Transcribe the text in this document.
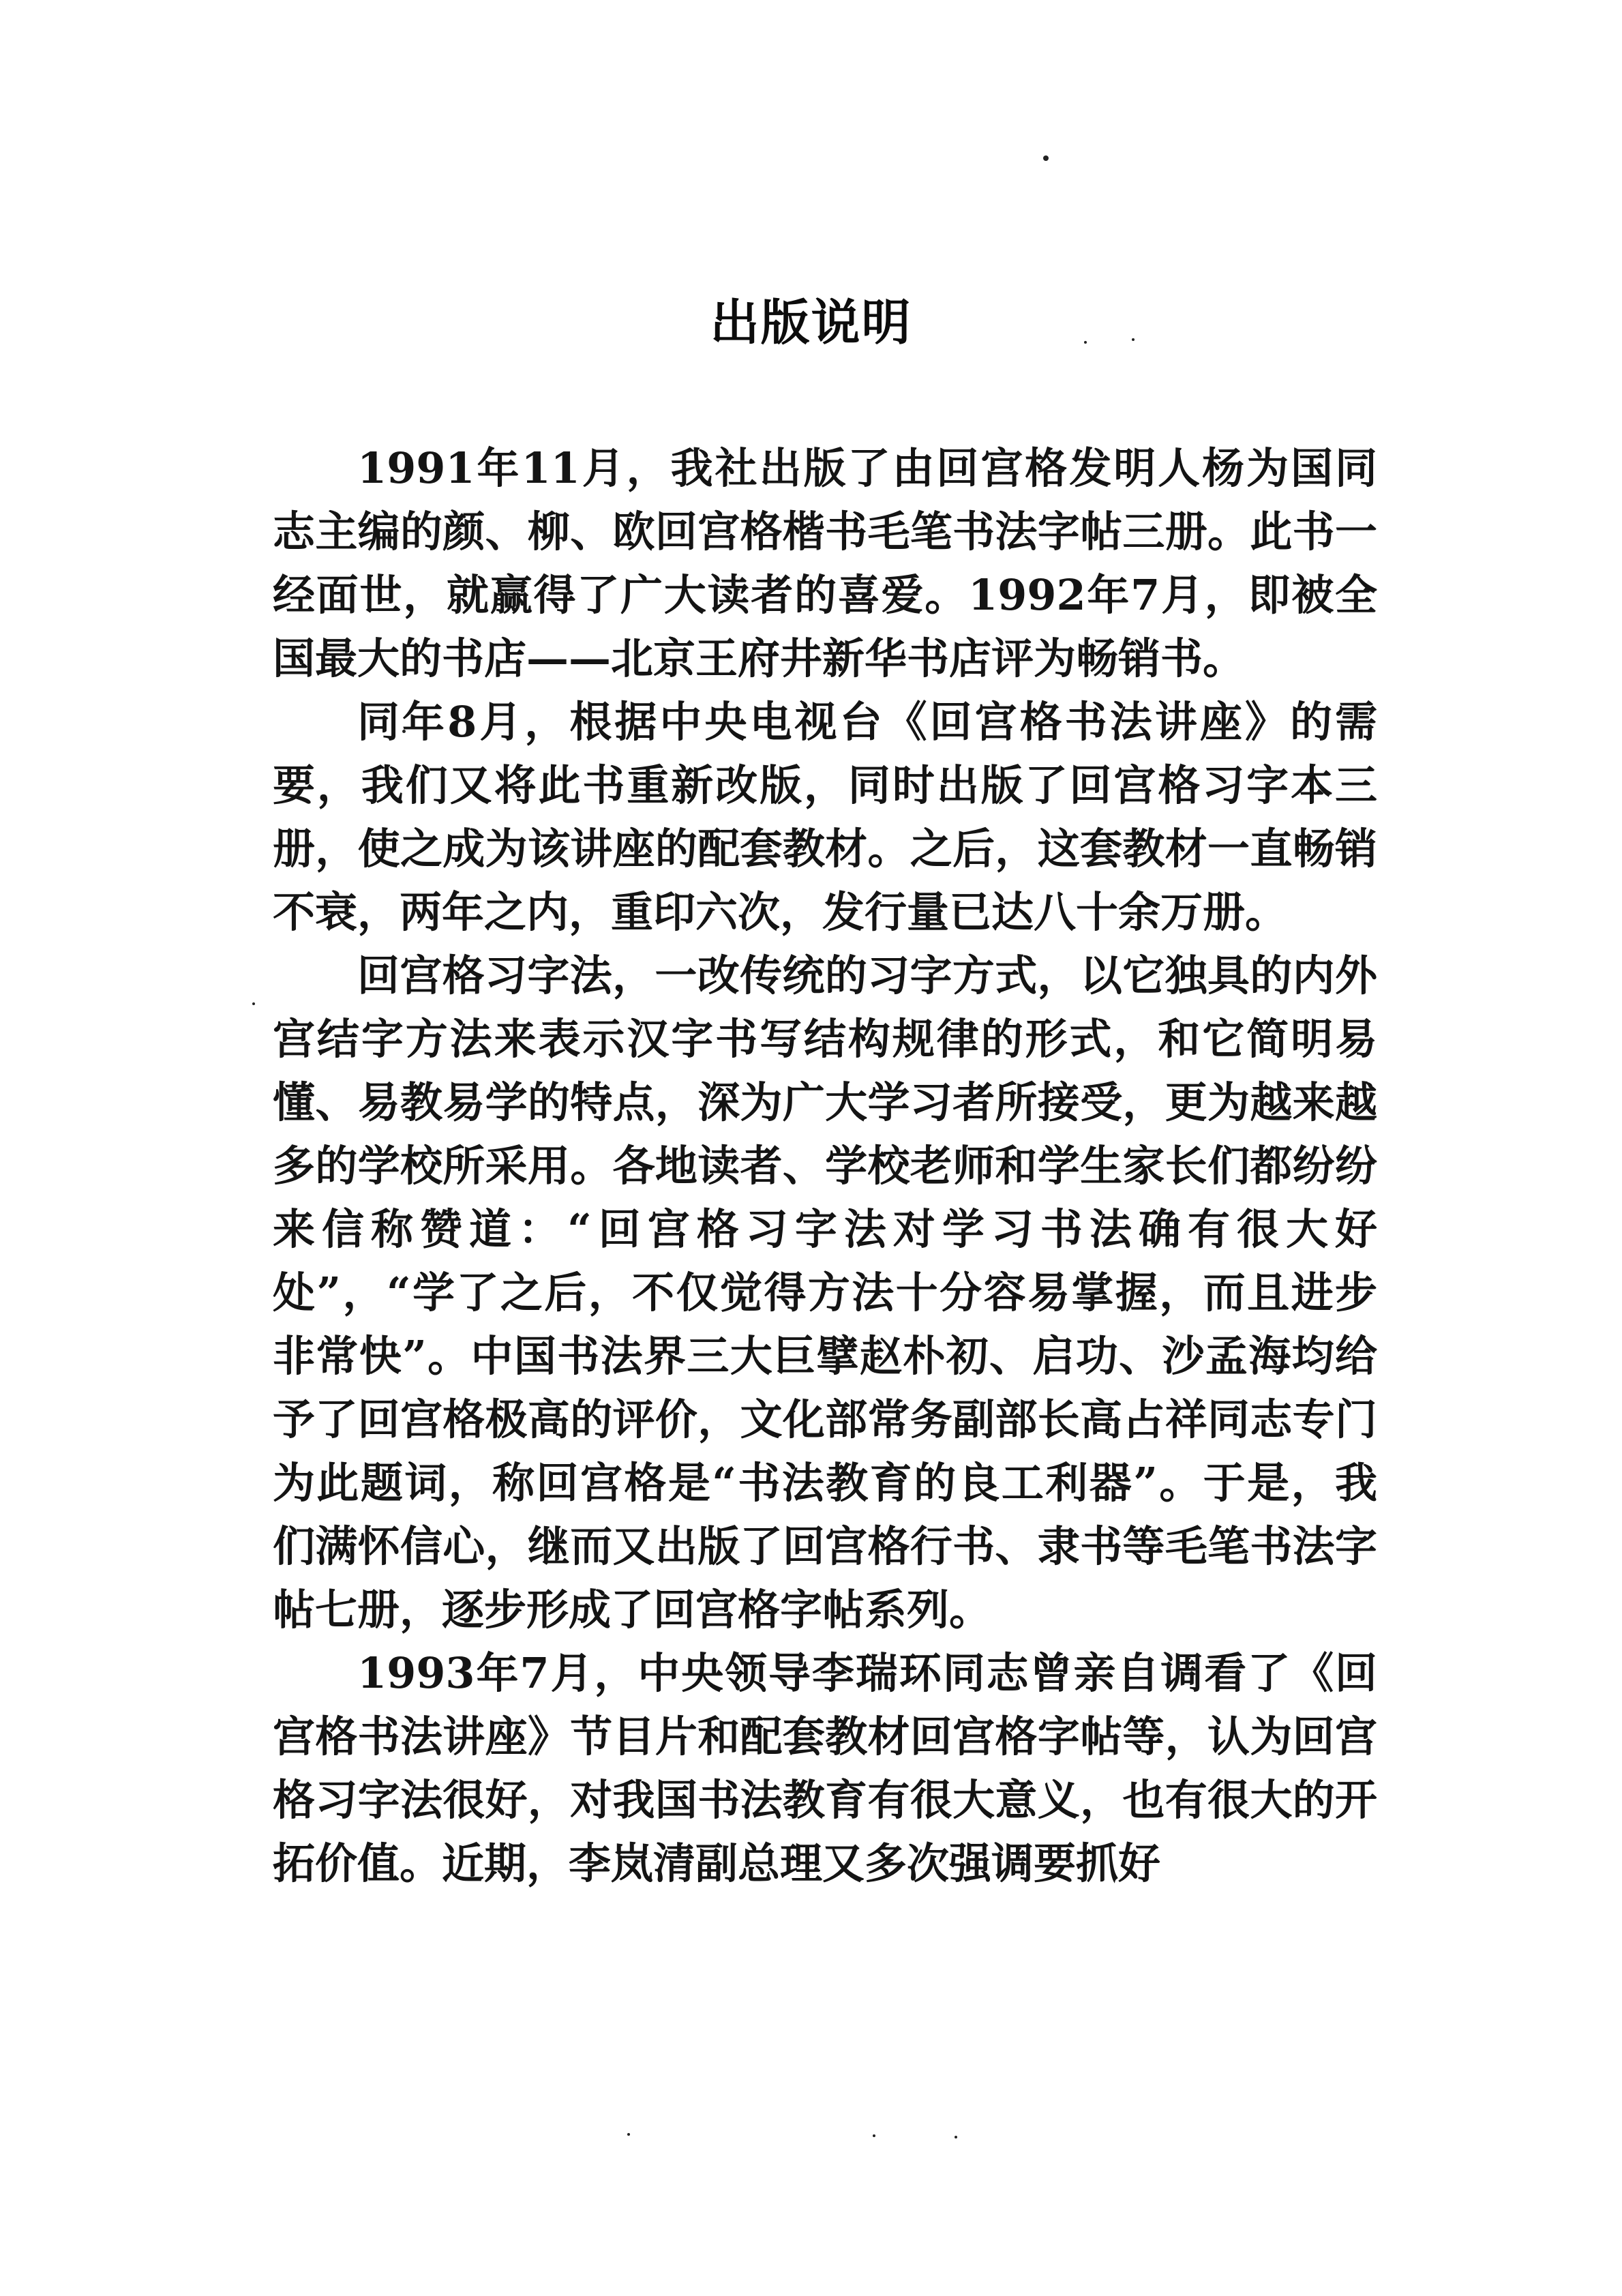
出版说明

1991年11月，我社出版了由回宫格发明人杨为国同志主编的颜、柳、欧回宫格楷书毛笔书法字帖三册。此书一经面世，就赢得了广大读者的喜爱。1992年7月，即被全国最大的书店——北京王府井新华书店评为畅销书。

同年8月，根据中央电视台《回宫格书法讲座》的需要，我们又将此书重新改版，同时出版了回宫格习字本三册，使之成为该讲座的配套教材。之后，这套教材一直畅销不衰，两年之内，重印六次，发行量已达八十余万册。

回宫格习字法，一改传统的习字方式，以它独具的内外宫结字方法来表示汉字书写结构规律的形式，和它简明易懂、易教易学的特点，深为广大学习者所接受，更为越来越多的学校所采用。各地读者、学校老师和学生家长们都纷纷来信称赞道：“回宫格习字法对学习书法确有很大好处”，“学了之后，不仅觉得方法十分容易掌握，而且进步非常快”。中国书法界三大巨擘赵朴初、启功、沙孟海均给予了回宫格极高的评价，文化部常务副部长高占祥同志专门为此题词，称回宫格是“书法教育的良工利器”。于是，我们满怀信心，继而又出版了回宫格行书、隶书等毛笔书法字帖七册，逐步形成了回宫格字帖系列。

1993年7月，中央领导李瑞环同志曾亲自调看了《回宫格书法讲座》节目片和配套教材回宫格字帖等，认为回宫格习字法很好，对我国书法教育有很大意义，也有很大的开拓价值。近期，李岚清副总理又多次强调要抓好
